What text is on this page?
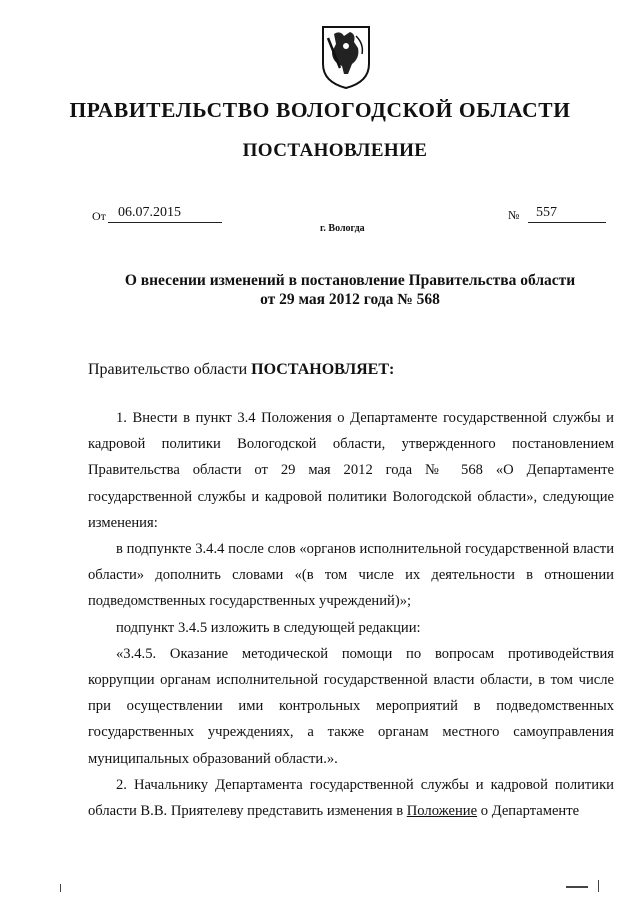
ПРАВИТЕЛЬСТВО ВОЛОГОДСКОЙ ОБЛАСТИ
ПОСТАНОВЛЕНИЕ
От 06.07.2015	№ 557
г. Вологда
О внесении изменений в постановление Правительства области
от 29 мая 2012 года № 568
Правительство области ПОСТАНОВЛЯЕТ:

1. Внести в пункт 3.4 Положения о Департаменте государственной службы и кадровой политики Вологодской области, утвержденного постановлением Правительства области от 29 мая 2012 года № 568 «О Департаменте государственной службы и кадровой политики Вологодской области», следующие изменения:

в подпункте 3.4.4 после слов «органов исполнительной государственной власти области» дополнить словами «(в том числе их деятельности в отношении подведомственных государственных учреждений)»;

подпункт 3.4.5 изложить в следующей редакции:

«3.4.5. Оказание методической помощи по вопросам противодействия коррупции органам исполнительной государственной власти области, в том числе при осуществлении ими контрольных мероприятий в подведомственных государственных учреждениях, а также органам местного самоуправления муниципальных образований области.».

2. Начальнику Департамента государственной службы и кадровой политики области В.В. Приятелеву представить изменения в Положение о Департаменте
